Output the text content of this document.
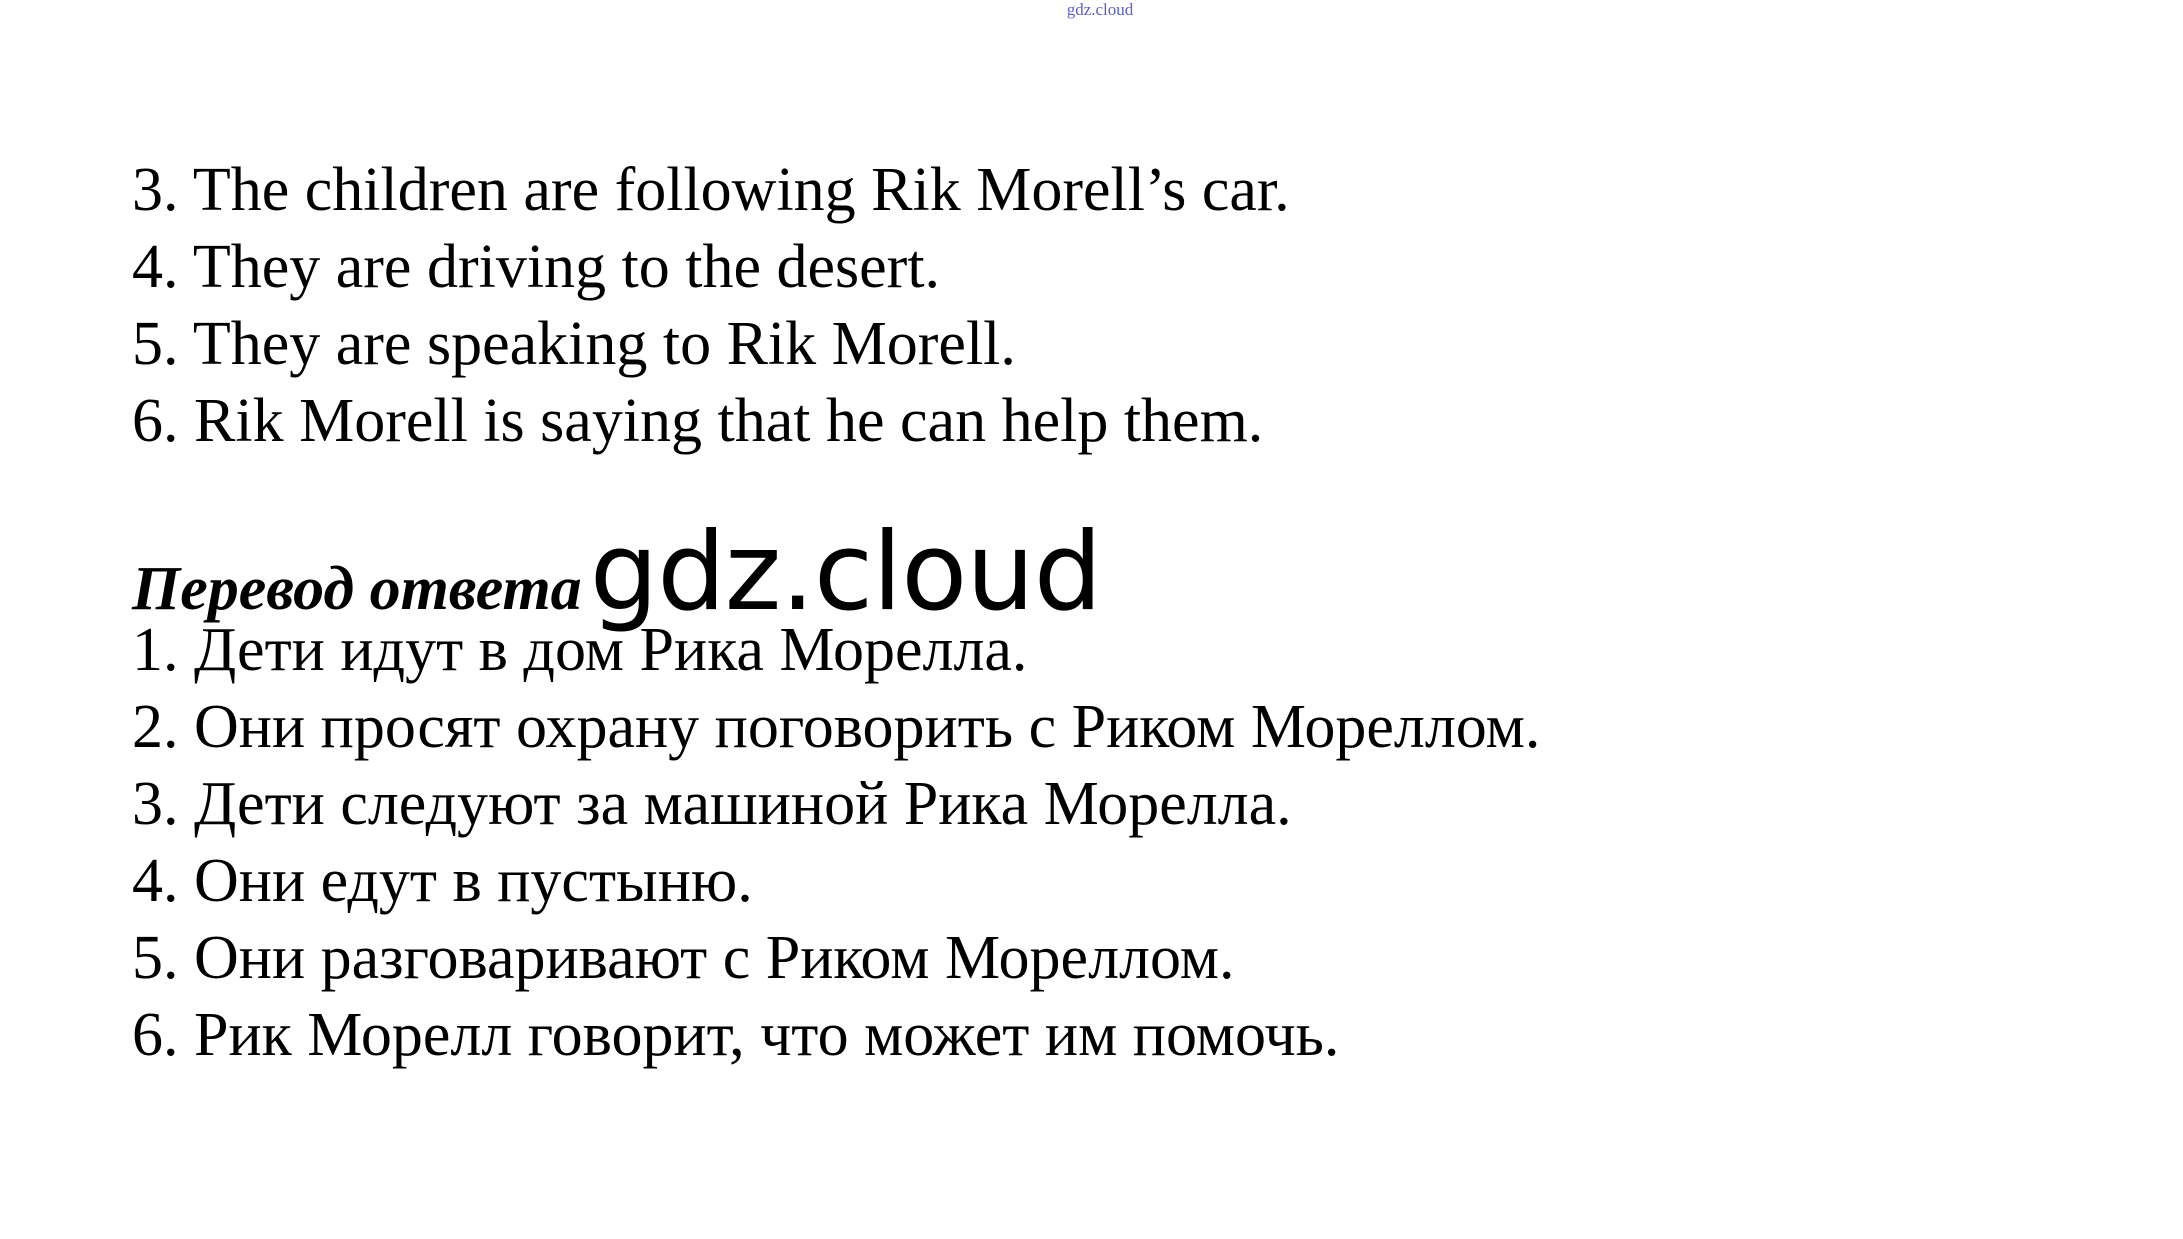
gdz.cloud
3. The children are following Rik Morell’s car.
4. They are driving to the desert.
5. They are speaking to Rik Morell.
6. Rik Morell is saying that he can help them.
Перевод ответаgdz.cloud
1. Дети идут в дом Рика Морелла.
2. Они просят охрану поговорить с Риком Мореллом.
3. Дети следуют за машиной Рика Морелла.
4. Они едут в пустыню.
5. Они разговаривают с Риком Мореллом.
6. Рик Морелл говорит, что может им помочь.
